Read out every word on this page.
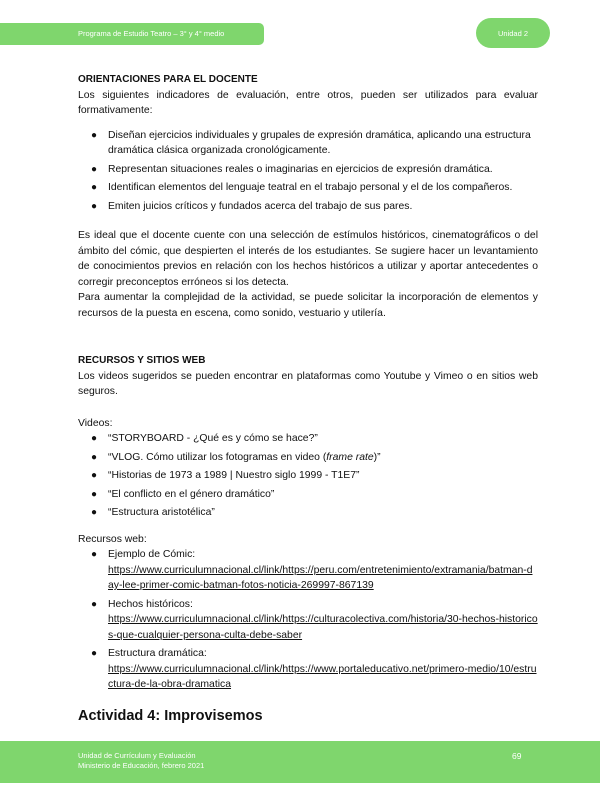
Programa de Estudio Teatro – 3° y 4° medio	Unidad 2

ORIENTACIONES PARA EL DOCENTE

Los siguientes indicadores de evaluación, entre otros, pueden ser utilizados para evaluar formativamente:

● Diseñan ejercicios individuales y grupales de expresión dramática, aplicando una estructura dramática clásica organizada cronológicamente.
● Representan situaciones reales o imaginarias en ejercicios de expresión dramática.
● Identifican elementos del lenguaje teatral en el trabajo personal y el de los compañeros.
● Emiten juicios críticos y fundados acerca del trabajo de sus pares.

Es ideal que el docente cuente con una selección de estímulos históricos, cinematográficos o del ámbito del cómic, que despierten el interés de los estudiantes. Se sugiere hacer un levantamiento de conocimientos previos en relación con los hechos históricos a utilizar y aportar antecedentes o corregir preconceptos erróneos si los detecta.

Para aumentar la complejidad de la actividad, se puede solicitar la incorporación de elementos y recursos de la puesta en escena, como sonido, vestuario y utilería.

RECURSOS Y SITIOS WEB

Los videos sugeridos se pueden encontrar en plataformas como Youtube y Vimeo o en sitios web seguros.

Videos:

● “STORYBOARD - ¿Qué es y cómo se hace?”
● “VLOG. Cómo utilizar los fotogramas en video (frame rate)”
● “Historias de 1973 a 1989 | Nuestro siglo 1999 - T1E7”
● “El conflicto en el género dramático”
● “Estructura aristotélica”

Recursos web:

● Ejemplo de Cómic:
https://www.curriculumnacional.cl/link/https://peru.com/entretenimiento/extramania/batman-day-lee-primer-comic-batman-fotos-noticia-269997-867139
● Hechos históricos:
https://www.curriculumnacional.cl/link/https://culturacolectiva.com/historia/30-hechos-historicos-que-cualquier-persona-culta-debe-saber
● Estructura dramática:
https://www.curriculumnacional.cl/link/https://www.portaleducativo.net/primero-medio/10/estructura-de-la-obra-dramatica

Actividad 4: Improvisemos

Unidad de Currículum y Evaluación
Ministerio de Educación, febrero 2021
69
